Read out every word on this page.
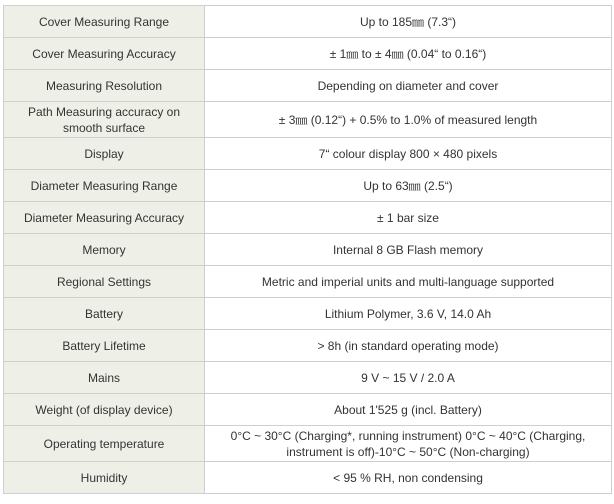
Cover Measuring Range	Up to 185㎜ (7.3“)
Cover Measuring Accuracy	± 1㎜ to ± 4㎜ (0.04“ to 0.16“)
Measuring Resolution	Depending on diameter and cover
Path Measuring accuracy on smooth surface	± 3㎜ (0.12“) + 0.5% to 1.0% of measured length
Display	7“ colour display 800 × 480 pixels
Diameter Measuring Range	Up to 63㎜ (2.5“)
Diameter Measuring Accuracy	± 1 bar size
Memory	Internal 8 GB Flash memory
Regional Settings	Metric and imperial units and multi-language supported
Battery	Lithium Polymer, 3.6 V, 14.0 Ah
Battery Lifetime	> 8h (in standard operating mode)
Mains	9 V ~ 15 V / 2.0 A
Weight (of display device)	About 1'525 g (incl. Battery)
Operating temperature	0°C ~ 30°C (Charging*, running instrument) 0°C ~ 40°C (Charging, instrument is off)-10°C ~ 50°C (Non-charging)
Humidity	< 95 % RH, non condensing
